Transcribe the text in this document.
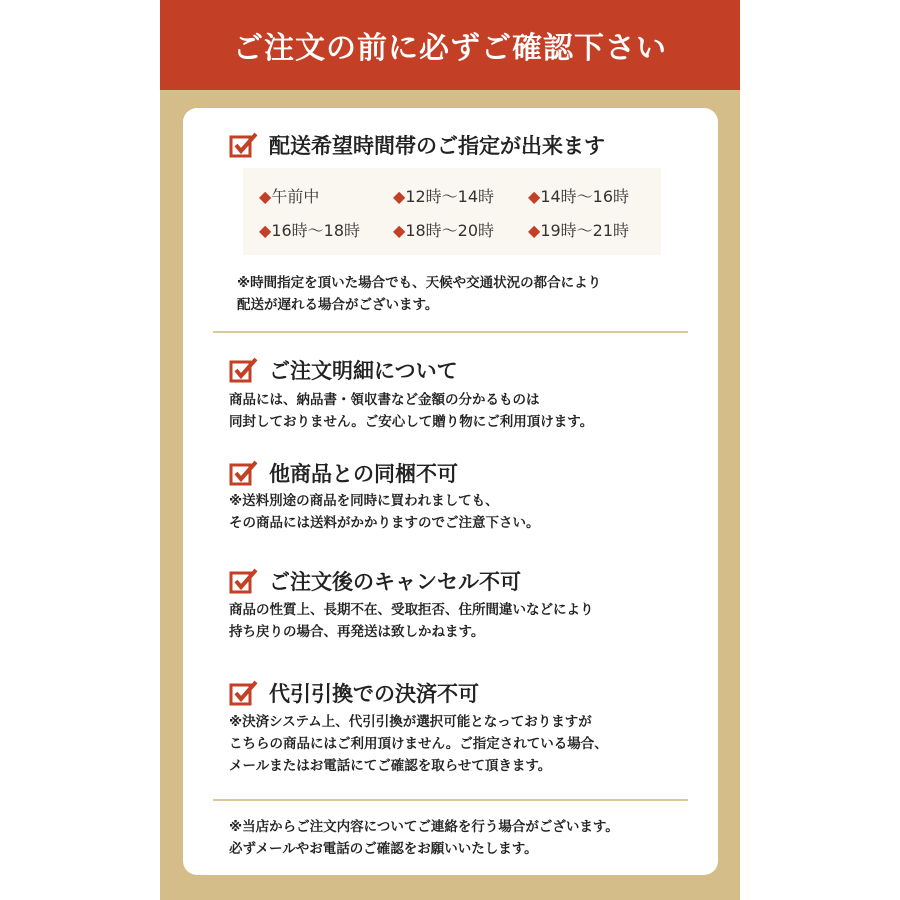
ご注文の前に必ずご確認下さい
配送希望時間帯のご指定が出来ます
◆午前中	◆12時〜14時 ◆14時〜16時
◆16時〜18時 ◆18時〜20時 ◆19時〜21時
※時間指定を頂いた場合でも、天候や交通状況の都合により
配送が遅れる場合がございます。
ご注文明細について
商品には、納品書・領収書など金額の分かるものは
同封しておりません。ご安心して贈り物にご利用頂けます。
他商品との同梱不可
※送料別途の商品を同時に買われましても、
その商品には送料がかかりますのでご注意下さい。
ご注文後のキャンセル不可
商品の性質上、長期不在、受取拒否、住所間違いなどにより
持ち戻りの場合、再発送は致しかねます。
代引引換での決済不可
※決済システム上、代引引換が選択可能となっておりますが
こちらの商品にはご利用頂けません。ご指定されている場合、
メールまたはお電話にてご確認を取らせて頂きます。
※当店からご注文内容についてご連絡を行う場合がございます。
必ずメールやお電話のご確認をお願いいたします。
